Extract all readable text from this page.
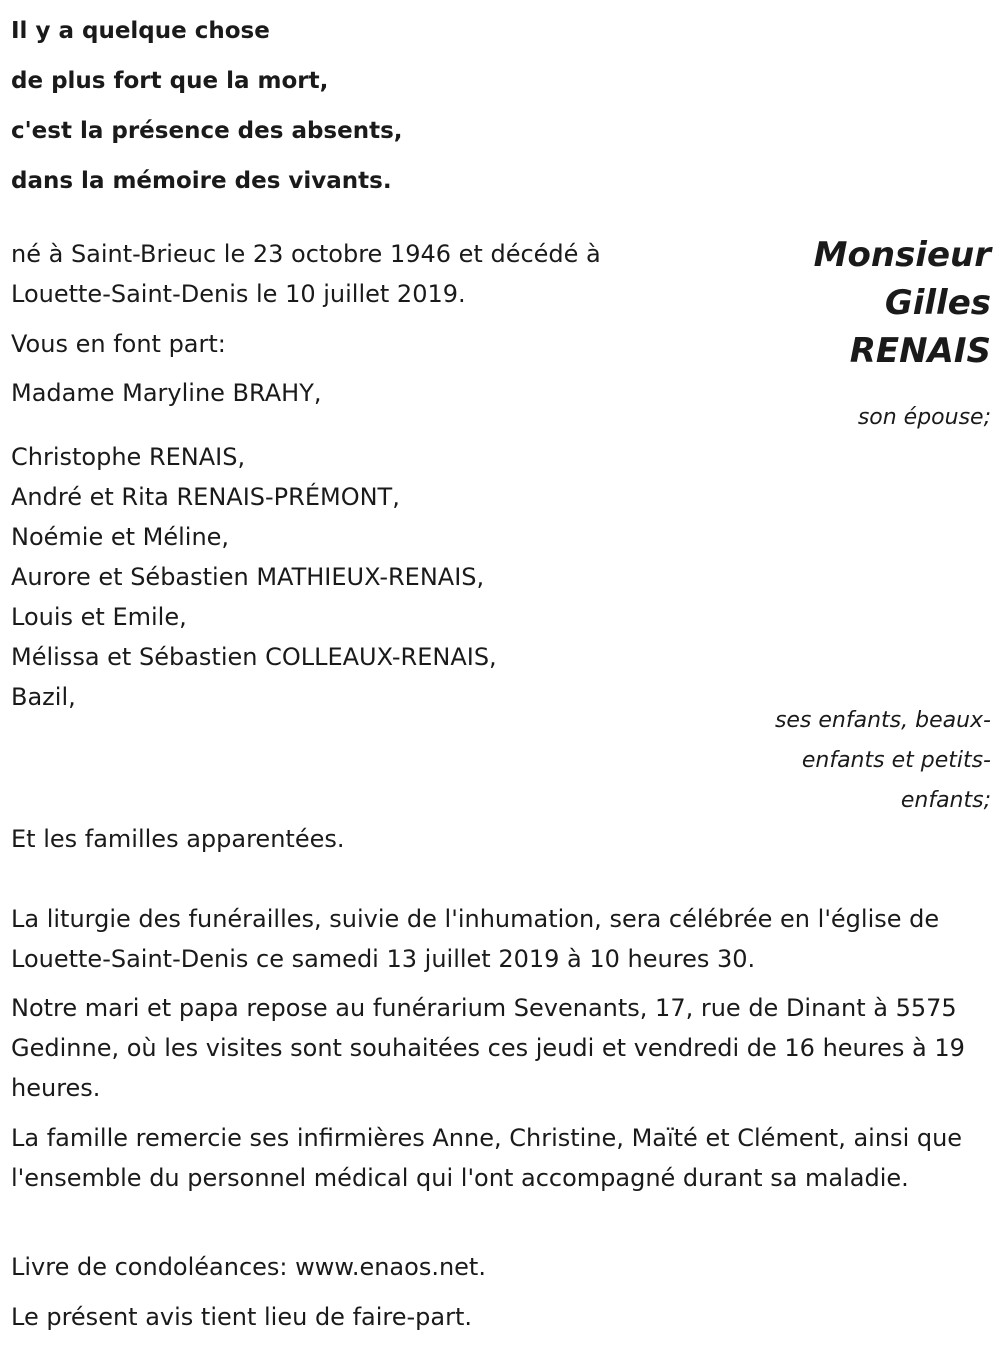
Il y a quelque chose
de plus fort que la mort,
c'est la présence des absents,
dans la mémoire des vivants.
Monsieur
Gilles
RENAIS
né à Saint-Brieuc le 23 octobre 1946 et décédé à Louette-Saint-Denis le 10 juillet 2019.
Vous en font part:
Madame Maryline BRAHY,
son épouse;
Christophe RENAIS,
André et Rita RENAIS-PRÉMONT,
Noémie et Méline,
Aurore et Sébastien MATHIEUX-RENAIS,
Louis et Emile,
Mélissa et Sébastien COLLEAUX-RENAIS,
Bazil,
ses enfants, beaux-enfants et petits-enfants;
Et les familles apparentées.
La liturgie des funérailles, suivie de l'inhumation, sera célébrée en l'église de Louette-Saint-Denis ce samedi 13 juillet 2019 à 10 heures 30.
Notre mari et papa repose au funérarium Sevenants, 17, rue de Dinant à 5575 Gedinne, où les visites sont souhaitées ces jeudi et vendredi de 16 heures à 19 heures.
La famille remercie ses infirmières Anne, Christine, Maïté et Clément, ainsi que l'ensemble du personnel médical qui l'ont accompagné durant sa maladie.
Livre de condoléances: www.enaos.net.
Le présent avis tient lieu de faire-part.
